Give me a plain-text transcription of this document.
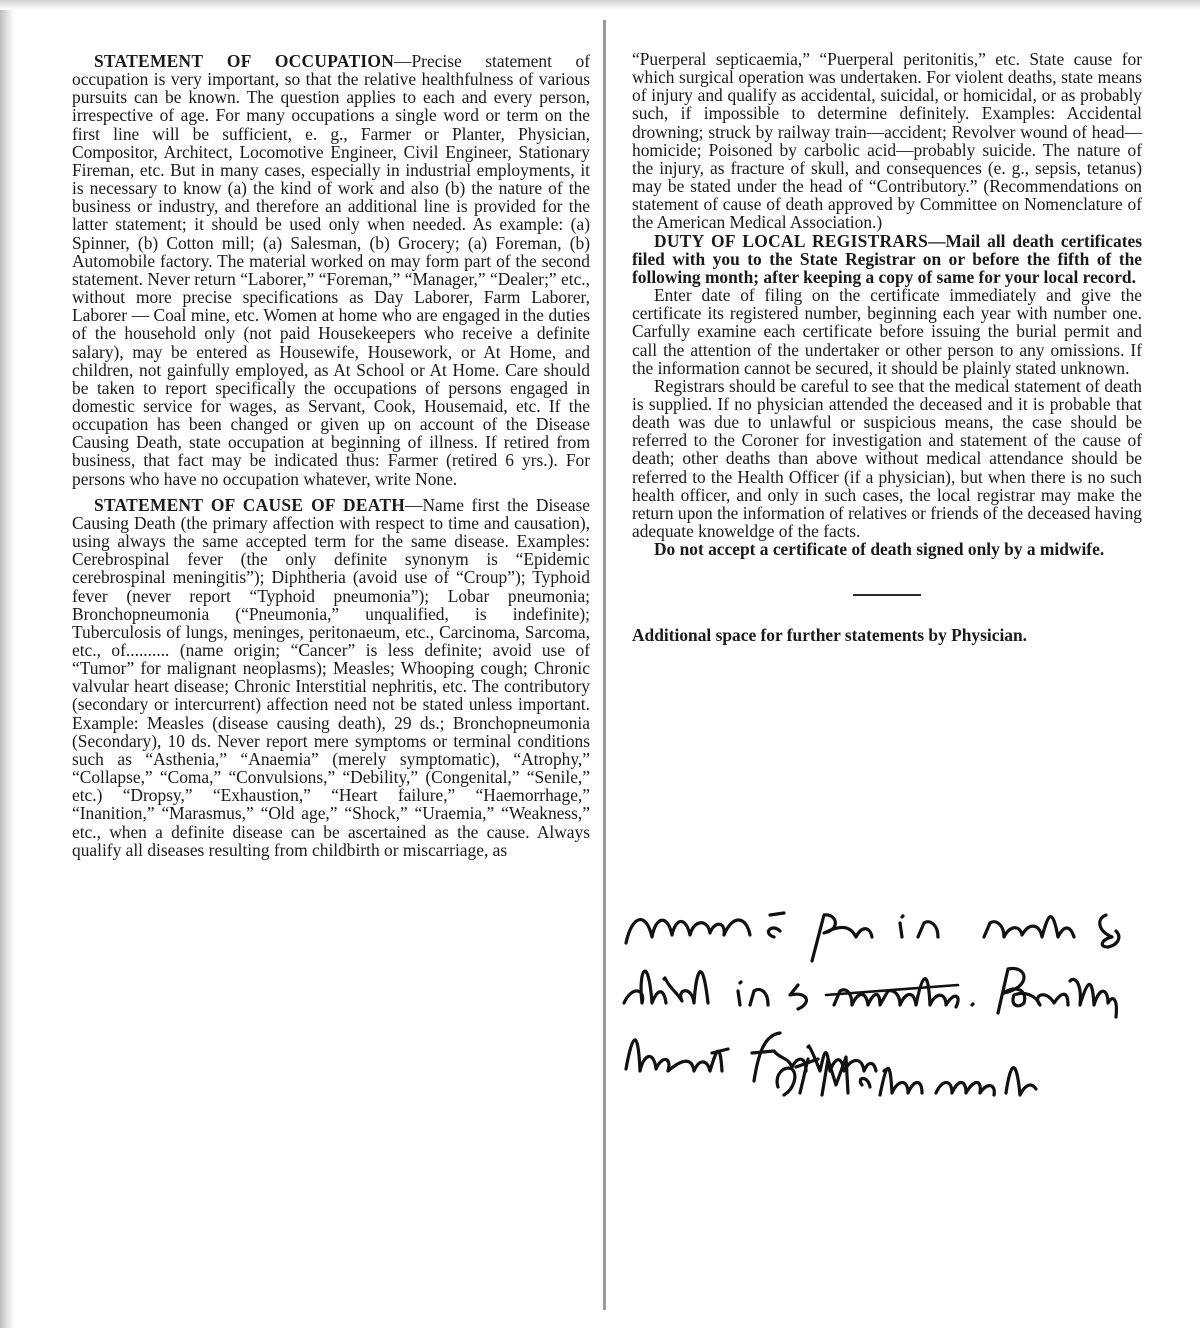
STATEMENT OF OCCUPATION—Precise statement of occupation is very important, so that the relative healthfulness of various pursuits can be known. The question applies to each and every person, irrespective of age. For many occupations a single word or term on the first line will be sufficient, e. g., Farmer or Planter, Physician, Compositor, Architect, Locomotive Engineer, Civil Engineer, Stationary Fireman, etc. But in many cases, especially in industrial employments, it is necessary to know (a) the kind of work and also (b) the nature of the business or industry, and therefore an additional line is provided for the latter statement; it should be used only when needed. As example: (a) Spinner, (b) Cotton mill; (a) Salesman, (b) Grocery; (a) Foreman, (b) Automobile factory. The material worked on may form part of the second statement. Never return “Laborer,” “Foreman,” “Manager,” “Dealer;” etc., without more precise specifications as Day Laborer, Farm Laborer, Laborer — Coal mine, etc. Women at home who are engaged in the duties of the household only (not paid Housekeepers who receive a definite salary), may be entered as Housewife, Housework, or At Home, and children, not gainfully employed, as At School or At Home. Care should be taken to report specifically the occupations of persons engaged in domestic service for wages, as Servant, Cook, Housemaid, etc. If the occupation has been changed or given up on account of the Disease Causing Death, state occupation at beginning of illness. If retired from business, that fact may be indicated thus: Farmer (retired 6 yrs.). For persons who have no occupation whatever, write None.

STATEMENT OF CAUSE OF DEATH—Name first the Disease Causing Death (the primary affection with respect to time and causation), using always the same accepted term for the same disease. Examples: Cerebrospinal fever (the only definite synonym is “Epidemic cerebrospinal meningitis”); Diphtheria (avoid use of “Croup”); Typhoid fever (never report “Typhoid pneumonia”); Lobar pneumonia; Bronchopneumonia (“Pneumonia,” unqualified, is indefinite); Tuberculosis of lungs, meninges, peritonaeum, etc., Carcinoma, Sarcoma, etc., of.......... (name origin; “Cancer” is less definite; avoid use of “Tumor” for malignant neoplasms); Measles; Whooping cough; Chronic valvular heart disease; Chronic Interstitial nephritis, etc. The contributory (secondary or intercurrent) affection need not be stated unless important. Example: Measles (disease causing death), 29 ds.; Bronchopneumonia (Secondary), 10 ds. Never report mere symptoms or terminal conditions such as “Asthenia,” “Anaemia” (merely symptomatic), “Atrophy,” “Collapse,” “Coma,” “Convulsions,” “Debility,” (Congenital,” “Senile,” etc.) “Dropsy,” “Exhaustion,” “Heart failure,” “Haemorrhage,” “Inanition,” “Marasmus,” “Old age,” “Shock,” “Uraemia,” “Weakness,” etc., when a definite disease can be ascertained as the cause. Always qualify all diseases resulting from childbirth or miscarriage, as

“Puerperal septicaemia,” “Puerperal peritonitis,” etc. State cause for which surgical operation was undertaken. For violent deaths, state means of injury and qualify as accidental, suicidal, or homicidal, or as probably such, if impossible to determine definitely. Examples: Accidental drowning; struck by railway train—accident; Revolver wound of head—homicide; Poisoned by carbolic acid—probably suicide. The nature of the injury, as fracture of skull, and consequences (e. g., sepsis, tetanus) may be stated under the head of “Contributory.” (Recommendations on statement of cause of death approved by Committee on Nomenclature of the American Medical Association.)

DUTY OF LOCAL REGISTRARS—Mail all death certificates filed with you to the State Registrar on or before the fifth of the following month; after keeping a copy of same for your local record.

Enter date of filing on the certificate immediately and give the certificate its registered number, beginning each year with number one. Carfully examine each certificate before issuing the burial permit and call the attention of the undertaker or other person to any omissions. If the information cannot be secured, it should be plainly stated unknown.

Registrars should be careful to see that the medical statement of death is supplied. If no physician attended the deceased and it is probable that death was due to unlawful or suspicious means, the case should be referred to the Coroner for investigation and statement of the cause of death; other deaths than above without medical attendance should be referred to the Health Officer (if a physician), but when there is no such health officer, and only in such cases, the local registrar may make the return upon the information of relatives or friends of the deceased having adequate knoweldge of the facts.

Do not accept a certificate of death signed only by a midwife.

Additional space for further statements by Physician.
